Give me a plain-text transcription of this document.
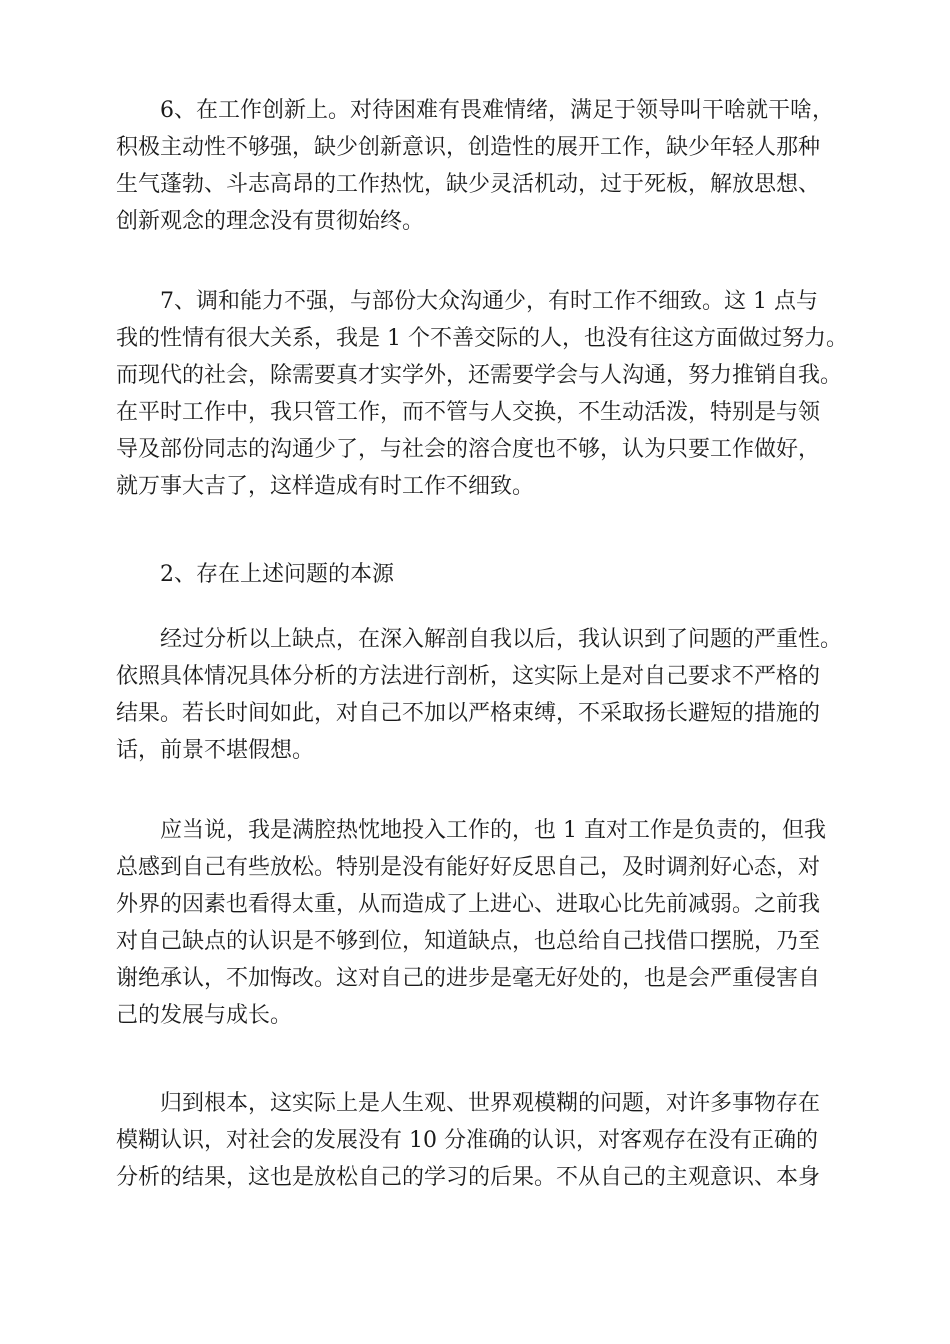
6、在工作创新上。对待困难有畏难情绪，满足于领导叫干啥就干啥，
积极主动性不够强，缺少创新意识，创造性的展开工作，缺少年轻人那种
生气蓬勃、斗志高昂的工作热忱，缺少灵活机动，过于死板，解放思想、
创新观念的理念没有贯彻始终。

7、调和能力不强，与部份大众沟通少，有时工作不细致。这 1 点与
我的性情有很大关系，我是 1 个不善交际的人，也没有往这方面做过努力。
而现代的社会，除需要真才实学外，还需要学会与人沟通，努力推销自我。
在平时工作中，我只管工作，而不管与人交换，不生动活泼，特别是与领
导及部份同志的沟通少了，与社会的溶合度也不够，认为只要工作做好，
就万事大吉了，这样造成有时工作不细致。

2、存在上述问题的本源

经过分析以上缺点，在深入解剖自我以后，我认识到了问题的严重性。
依照具体情况具体分析的方法进行剖析，这实际上是对自己要求不严格的
结果。若长时间如此，对自己不加以严格束缚，不采取扬长避短的措施的
话，前景不堪假想。

应当说，我是满腔热忱地投入工作的，也 1 直对工作是负责的，但我
总感到自己有些放松。特别是没有能好好反思自己，及时调剂好心态，对
外界的因素也看得太重，从而造成了上进心、进取心比先前减弱。之前我
对自己缺点的认识是不够到位，知道缺点，也总给自己找借口摆脱，乃至
谢绝承认，不加悔改。这对自己的进步是毫无好处的，也是会严重侵害自
己的发展与成长。

归到根本，这实际上是人生观、世界观模糊的问题，对许多事物存在
模糊认识，对社会的发展没有 10 分准确的认识，对客观存在没有正确的
分析的结果，这也是放松自己的学习的后果。不从自己的主观意识、本身
